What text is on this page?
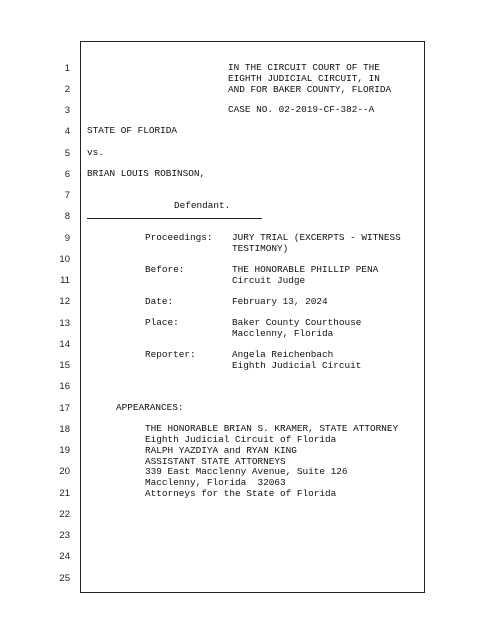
1
2
3
4
5
6
7
8
9
10
11
12
13
14
15
16
17
18
19
20
21
22
23
24
25
IN THE CIRCUIT COURT OF THE
EIGHTH JUDICIAL CIRCUIT, IN
AND FOR BAKER COUNTY, FLORIDA
CASE NO. 02-2019-CF-382--A
STATE OF FLORIDA
vs.
BRIAN LOUIS ROBINSON,
Defendant.
Proceedings: JURY TRIAL (EXCERPTS - WITNESS
TESTIMONY)
Before:	THE HONORABLE PHILLIP PENA
Circuit Judge
Date:	February 13, 2024
Place:	Baker County Courthouse
Macclenny, Florida
Reporter:	Angela Reichenbach
Eighth Judicial Circuit
APPEARANCES:
THE HONORABLE BRIAN S. KRAMER, STATE ATTORNEY
Eighth Judicial Circuit of Florida
RALPH YAZDIYA and RYAN KING
ASSISTANT STATE ATTORNEYS
339 East Macclenny Avenue, Suite 126
Macclenny, Florida  32063
Attorneys for the State of Florida
